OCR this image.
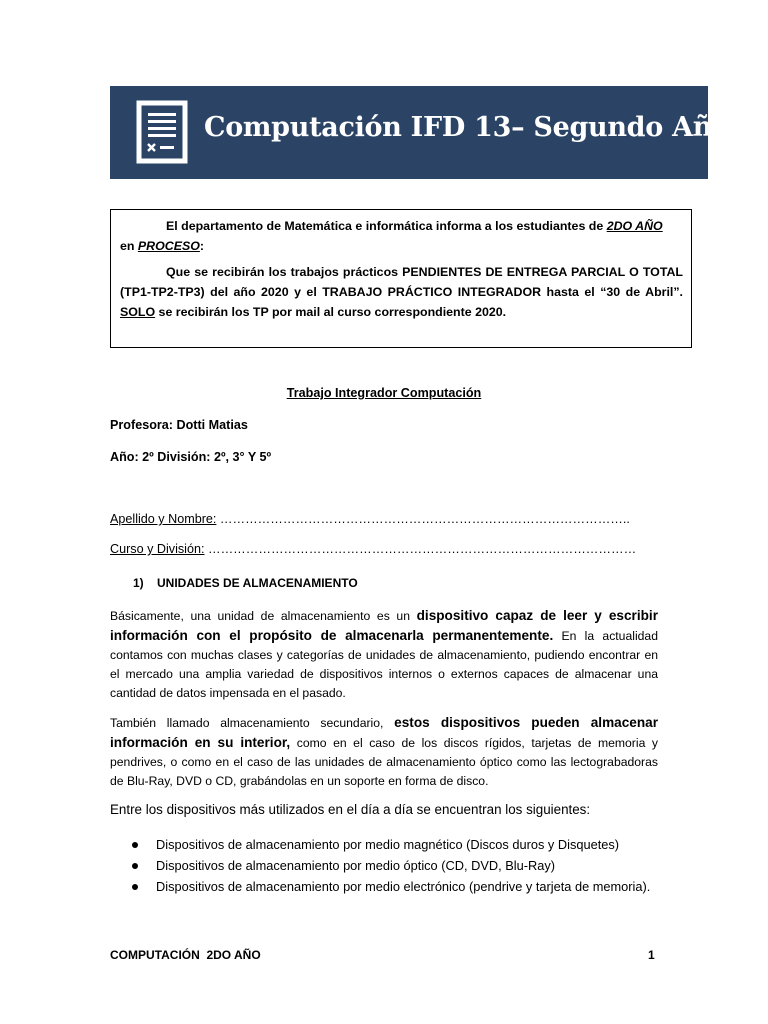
Computación IFD 13– Segundo Año -

El departamento de Matemática e informática informa a los estudiantes de 2DO AÑO
en PROCESO:

Que se recibirán los trabajos prácticos PENDIENTES DE ENTREGA PARCIAL O TOTAL (TP1-TP2-TP3) del año 2020 y el TRABAJO PRÁCTICO INTEGRADOR hasta el “30 de Abril”. SOLO se recibirán los TP por mail al curso correspondiente 2020.

Trabajo Integrador Computación
Profesora: Dotti Matias
Año: 2º División: 2º, 3° Y 5º
Apellido y Nombre: ……………………………………………………………………………………..
Curso y División: …………………………………………………………………………………………
1)    UNIDADES DE ALMACENAMIENTO
Básicamente, una unidad de almacenamiento es un dispositivo capaz de leer y escribir información con el propósito de almacenarla permanentemente. En la actualidad contamos con muchas clases y categorías de unidades de almacenamiento, pudiendo encontrar en el mercado una amplia variedad de dispositivos internos o externos capaces de almacenar una cantidad de datos impensada en el pasado.
También llamado almacenamiento secundario, estos dispositivos pueden almacenar información en su interior, como en el caso de los discos rígidos, tarjetas de memoria y pendrives, o como en el caso de las unidades de almacenamiento óptico como las lectograbadoras de Blu-Ray, DVD o CD, grabándolas en un soporte en forma de disco.
Entre los dispositivos más utilizados en el día a día se encuentran los siguientes:
Dispositivos de almacenamiento por medio magnético (Discos duros y Disquetes)
Dispositivos de almacenamiento por medio óptico (CD, DVD, Blu-Ray)
Dispositivos de almacenamiento por medio electrónico (pendrive y tarjeta de memoria).
COMPUTACIÓN  2DO AÑO	1
